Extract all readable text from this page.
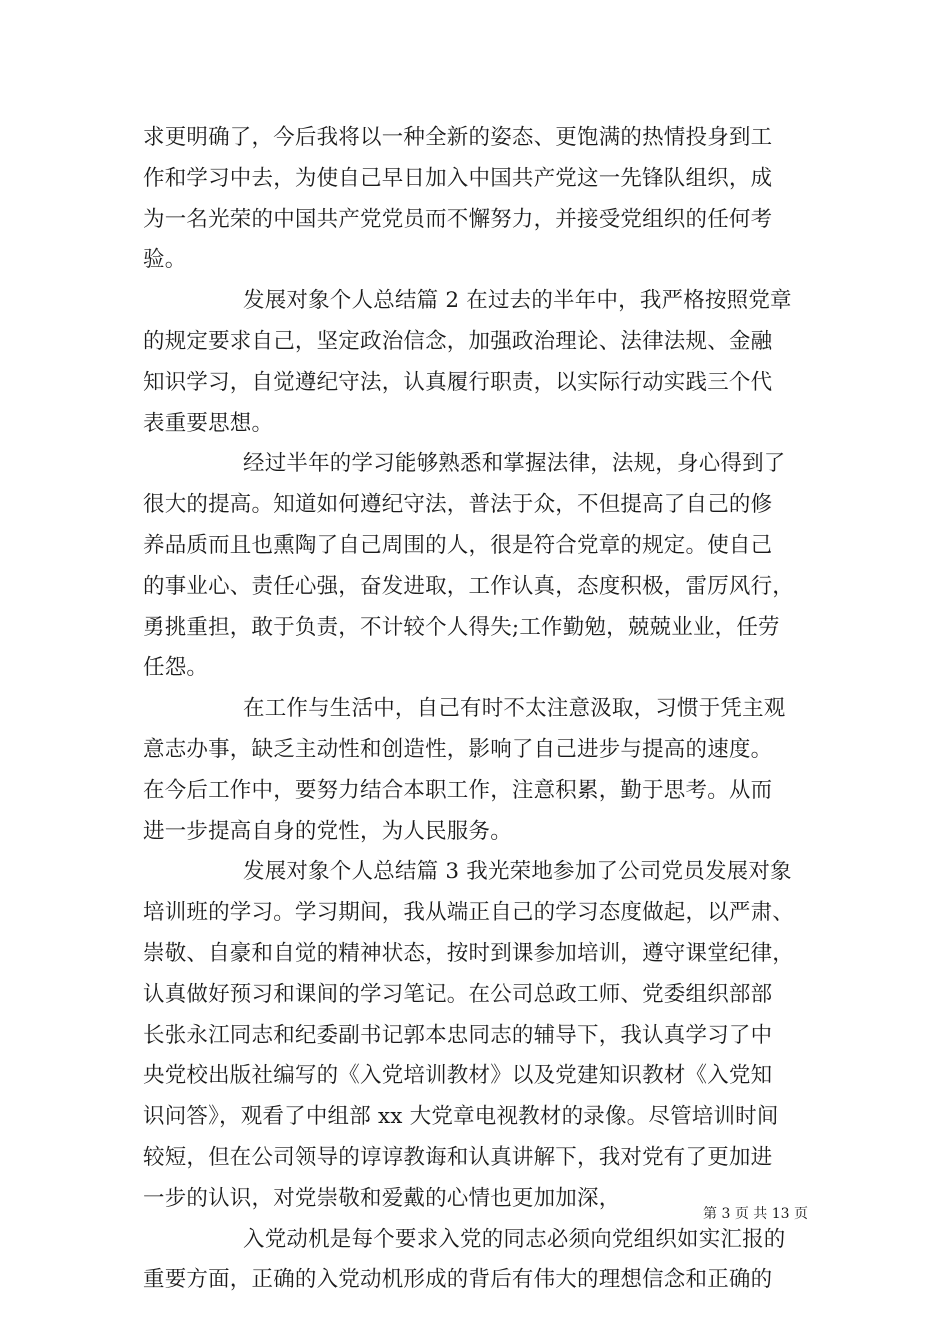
求更明确了，今后我将以一种全新的姿态、更饱满的热情投身到工
作和学习中去，为使自己早日加入中国共产党这一先锋队组织，成
为一名光荣的中国共产党党员而不懈努力，并接受党组织的任何考
验。
发展对象个人总结篇 2 在过去的半年中，我严格按照党章
的规定要求自己，坚定政治信念，加强政治理论、法律法规、金融
知识学习，自觉遵纪守法，认真履行职责，以实际行动实践三个代
表重要思想。
经过半年的学习能够熟悉和掌握法律，法规，身心得到了
很大的提高。知道如何遵纪守法，普法于众，不但提高了自己的修
养品质而且也熏陶了自己周围的人，很是符合党章的规定。使自己
的事业心、责任心强，奋发进取，工作认真，态度积极，雷厉风行，
勇挑重担，敢于负责，不计较个人得失;工作勤勉，兢兢业业，任劳
任怨。
在工作与生活中，自己有时不太注意汲取，习惯于凭主观
意志办事，缺乏主动性和创造性，影响了自己进步与提高的速度。
在今后工作中，要努力结合本职工作，注意积累，勤于思考。从而
进一步提高自身的党性，为人民服务。
发展对象个人总结篇 3 我光荣地参加了公司党员发展对象
培训班的学习。学习期间，我从端正自己的学习态度做起，以严肃、
崇敬、自豪和自觉的精神状态，按时到课参加培训，遵守课堂纪律，
认真做好预习和课间的学习笔记。在公司总政工师、党委组织部部
长张永江同志和纪委副书记郭本忠同志的辅导下，我认真学习了中
央党校出版社编写的《入党培训教材》以及党建知识教材《入党知
识问答》，观看了中组部 xx 大党章电视教材的录像。尽管培训时间
较短，但在公司领导的谆谆教诲和认真讲解下，我对党有了更加进
一步的认识，对党崇敬和爱戴的心情也更加加深，
入党动机是每个要求入党的同志必须向党组织如实汇报的
重要方面，正确的入党动机形成的背后有伟大的理想信念和正确的
第 3 页 共 13 页
